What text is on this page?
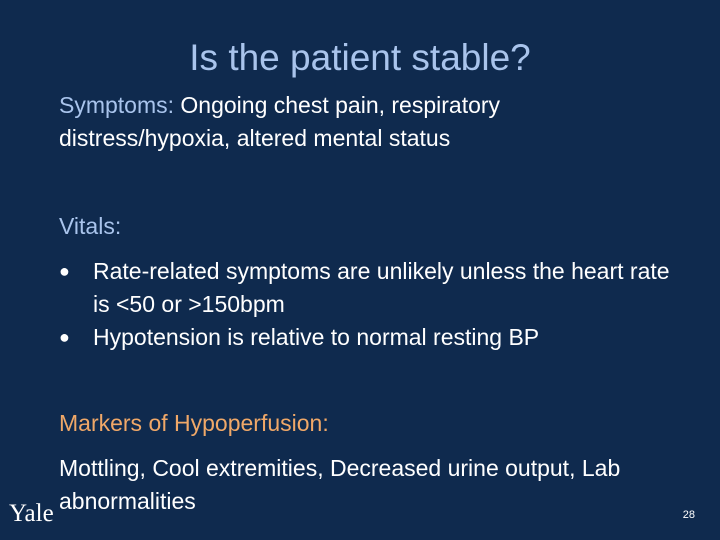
Is the patient stable?
Symptoms: Ongoing chest pain, respiratory distress/hypoxia, altered mental status
Vitals:
● Rate-related symptoms are unlikely unless the heart rate is <50 or >150bpm
● Hypotension is relative to normal resting BP
Markers of Hypoperfusion:
Mottling, Cool extremities, Decreased urine output, Lab abnormalities
Yale	28
